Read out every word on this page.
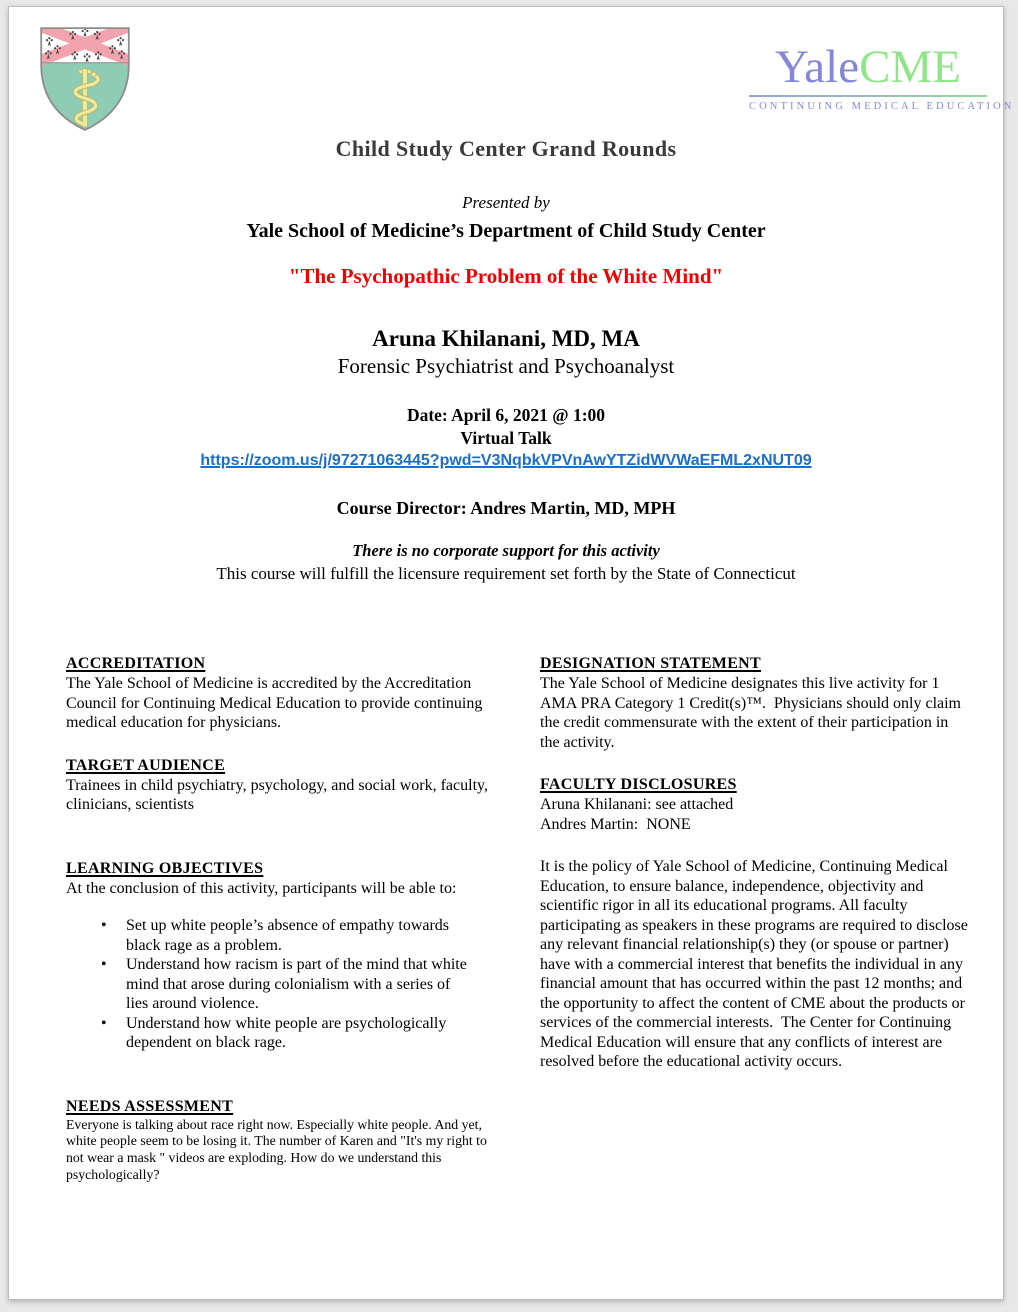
YaleCME
CONTINUING MEDICAL EDUCATION
Child Study Center Grand Rounds
Presented by
Yale School of Medicine’s Department of Child Study Center
"The Psychopathic Problem of the White Mind"
Aruna Khilanani, MD, MA
Forensic Psychiatrist and Psychoanalyst
Date: April 6, 2021 @ 1:00
Virtual Talk
https://zoom.us/j/97271063445?pwd=V3NqbkVPVnAwYTZidWVWaEFML2xNUT09
Course Director: Andres Martin, MD, MPH
There is no corporate support for this activity
This course will fulfill the licensure requirement set forth by the State of Connecticut
ACCREDITATION
The Yale School of Medicine is accredited by the Accreditation Council for Continuing Medical Education to provide continuing medical education for physicians.
TARGET AUDIENCE
Trainees in child psychiatry, psychology, and social work, faculty, clinicians, scientists
LEARNING OBJECTIVES
At the conclusion of this activity, participants will be able to:
•	Set up white people’s absence of empathy towards black rage as a problem.
•	Understand how racism is part of the mind that white mind that arose during colonialism with a series of lies around violence.
•	Understand how white people are psychologically dependent on black rage.
NEEDS ASSESSMENT
Everyone is talking about race right now. Especially white people. And yet, white people seem to be losing it. The number of Karen and "It's my right to not wear a mask " videos are exploding. How do we understand this psychologically?
DESIGNATION STATEMENT
The Yale School of Medicine designates this live activity for 1 AMA PRA Category 1 Credit(s)™.  Physicians should only claim the credit commensurate with the extent of their participation in the activity.
FACULTY DISCLOSURES
Aruna Khilanani: see attached
Andres Martin:  NONE
It is the policy of Yale School of Medicine, Continuing Medical Education, to ensure balance, independence, objectivity and scientific rigor in all its educational programs. All faculty participating as speakers in these programs are required to disclose any relevant financial relationship(s) they (or spouse or partner) have with a commercial interest that benefits the individual in any financial amount that has occurred within the past 12 months; and the opportunity to affect the content of CME about the products or services of the commercial interests.  The Center for Continuing Medical Education will ensure that any conflicts of interest are resolved before the educational activity occurs.
